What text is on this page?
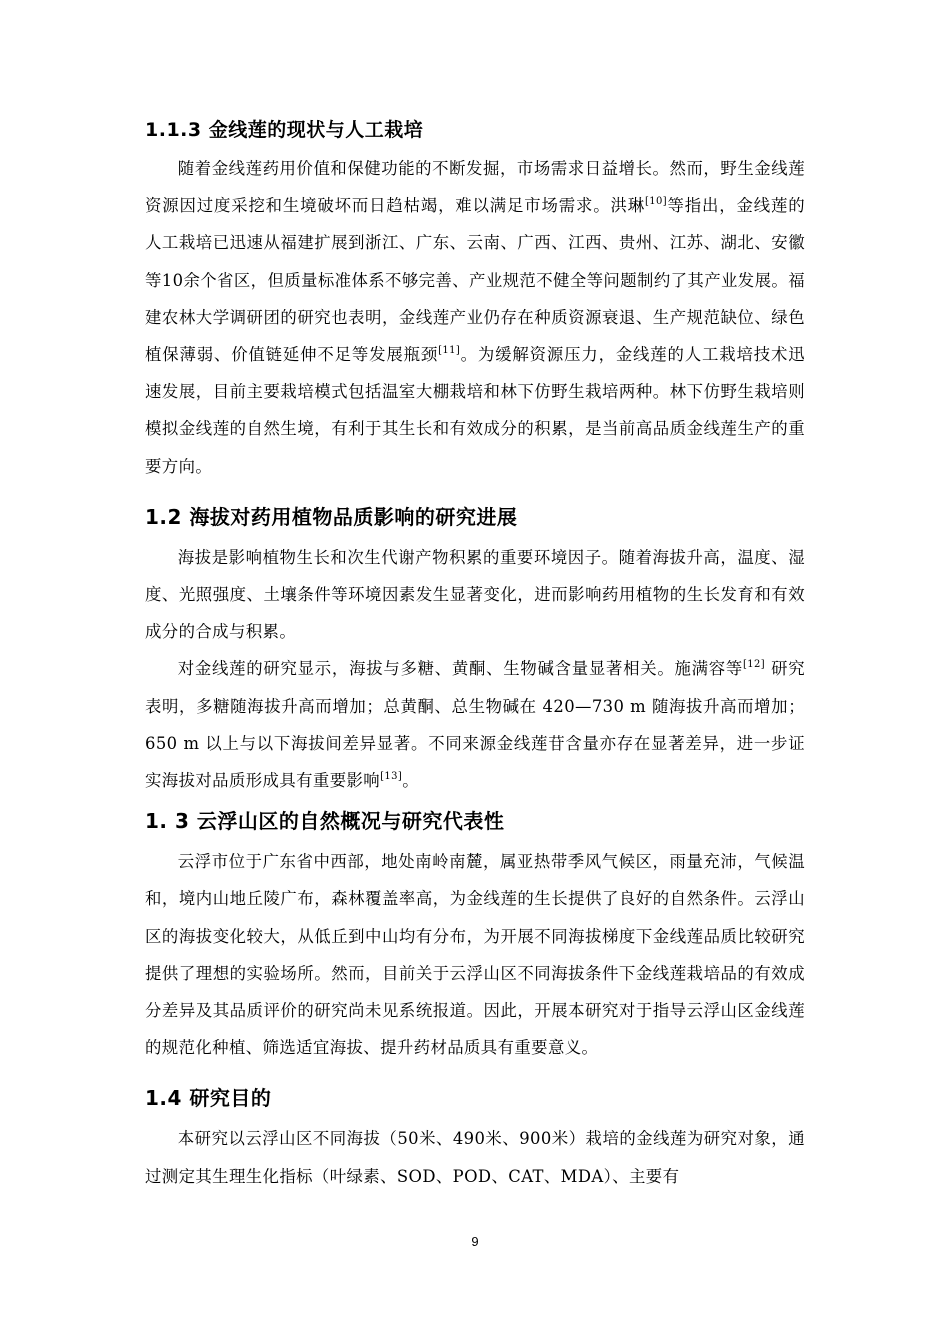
1.1.3 金线莲的现状与人工栽培

随着金线莲药用价值和保健功能的不断发掘，市场需求日益增长。然而，野生金线莲资源因过度采挖和生境破坏而日趋枯竭，难以满足市场需求。洪琳[10]等指出，金线莲的人工栽培已迅速从福建扩展到浙江、广东、云南、广西、江西、贵州、江苏、湖北、安徽等10余个省区，但质量标准体系不够完善、产业规范不健全等问题制约了其产业发展。福建农林大学调研团的研究也表明，金线莲产业仍存在种质资源衰退、生产规范缺位、绿色植保薄弱、价值链延伸不足等发展瓶颈[11]。为缓解资源压力，金线莲的人工栽培技术迅速发展，目前主要栽培模式包括温室大棚栽培和林下仿野生栽培两种。林下仿野生栽培则模拟金线莲的自然生境，有利于其生长和有效成分的积累，是当前高品质金线莲生产的重要方向。

1.2 海拔对药用植物品质影响的研究进展

海拔是影响植物生长和次生代谢产物积累的重要环境因子。随着海拔升高，温度、湿度、光照强度、土壤条件等环境因素发生显著变化，进而影响药用植物的生长发育和有效成分的合成与积累。

对金线莲的研究显示，海拔与多糖、黄酮、生物碱含量显著相关。施满容等[12] 研究表明，多糖随海拔升高而增加；总黄酮、总生物碱在 420—730 m 随海拔升高而增加；650 m 以上与以下海拔间差异显著。不同来源金线莲苷含量亦存在显著差异，进一步证实海拔对品质形成具有重要影响[13]。

1. 3 云浮山区的自然概况与研究代表性

云浮市位于广东省中西部，地处南岭南麓，属亚热带季风气候区，雨量充沛，气候温和，境内山地丘陵广布，森林覆盖率高，为金线莲的生长提供了良好的自然条件。云浮山区的海拔变化较大，从低丘到中山均有分布，为开展不同海拔梯度下金线莲品质比较研究提供了理想的实验场所。然而，目前关于云浮山区不同海拔条件下金线莲栽培品的有效成分差异及其品质评价的研究尚未见系统报道。因此，开展本研究对于指导云浮山区金线莲的规范化种植、筛选适宜海拔、提升药材品质具有重要意义。

1.4 研究目的

本研究以云浮山区不同海拔（50米、490米、900米）栽培的金线莲为研究对象，通过测定其生理生化指标（叶绿素、SOD、POD、CAT、MDA）、主要有

9
